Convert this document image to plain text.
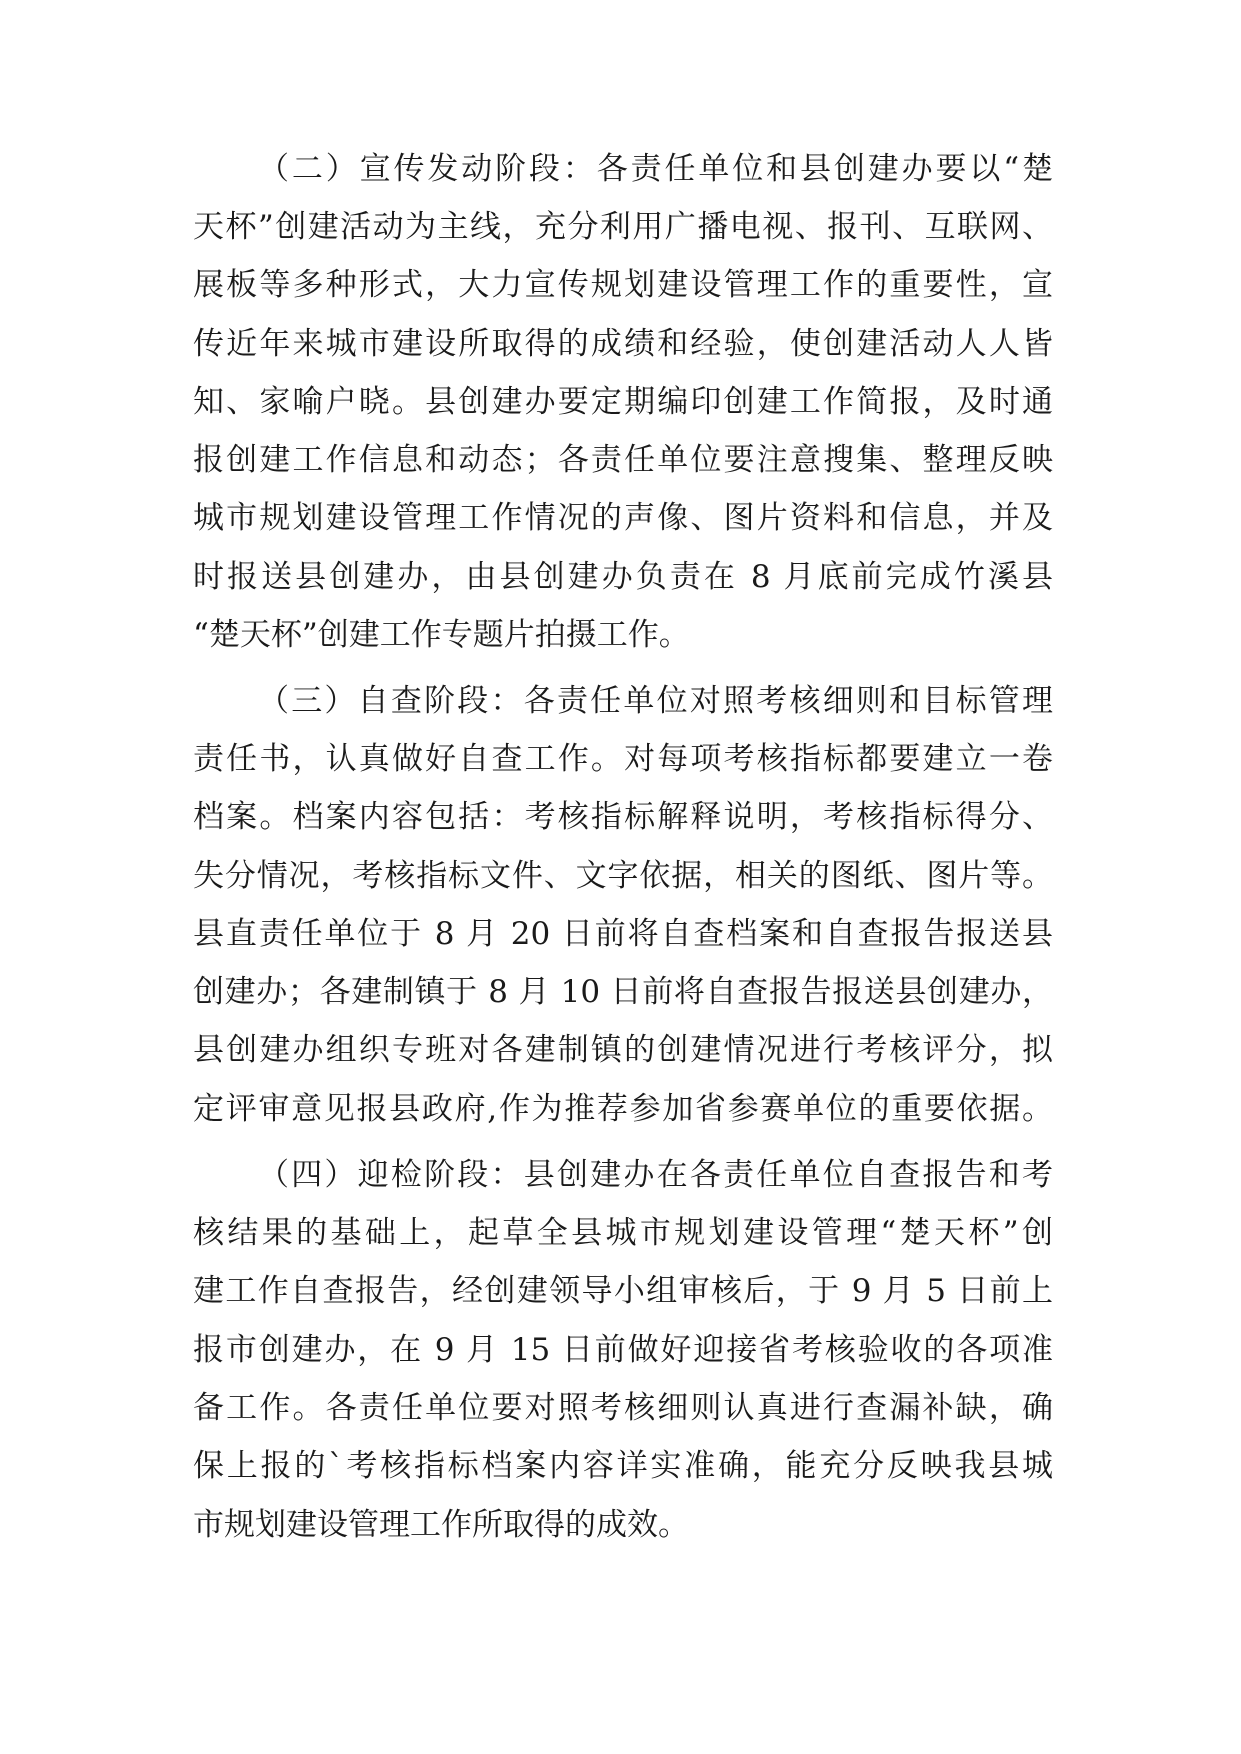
（二）宣传发动阶段：各责任单位和县创建办要以“楚
天杯”创建活动为主线，充分利用广播电视、报刊、互联网、
展板等多种形式，大力宣传规划建设管理工作的重要性，宣
传近年来城市建设所取得的成绩和经验，使创建活动人人皆
知、家喻户晓。县创建办要定期编印创建工作简报，及时通
报创建工作信息和动态；各责任单位要注意搜集、整理反映
城市规划建设管理工作情况的声像、图片资料和信息，并及
时报送县创建办，由县创建办负责在 8 月底前完成竹溪县
“楚天杯”创建工作专题片拍摄工作。
（三）自查阶段：各责任单位对照考核细则和目标管理
责任书，认真做好自查工作。对每项考核指标都要建立一卷
档案。档案内容包括：考核指标解释说明，考核指标得分、
失分情况，考核指标文件、文字依据，相关的图纸、图片等。
县直责任单位于 8 月 20 日前将自查档案和自查报告报送县
创建办；各建制镇于 8 月 10 日前将自查报告报送县创建办，
县创建办组织专班对各建制镇的创建情况进行考核评分，拟
定评审意见报县政府,作为推荐参加省参赛单位的重要依据。
（四）迎检阶段：县创建办在各责任单位自查报告和考
核结果的基础上，起草全县城市规划建设管理“楚天杯”创
建工作自查报告，经创建领导小组审核后，于 9 月 5 日前上
报市创建办，在 9 月 15 日前做好迎接省考核验收的各项准
备工作。各责任单位要对照考核细则认真进行查漏补缺，确
保上报的`考核指标档案内容详实准确，能充分反映我县城
市规划建设管理工作所取得的成效。
